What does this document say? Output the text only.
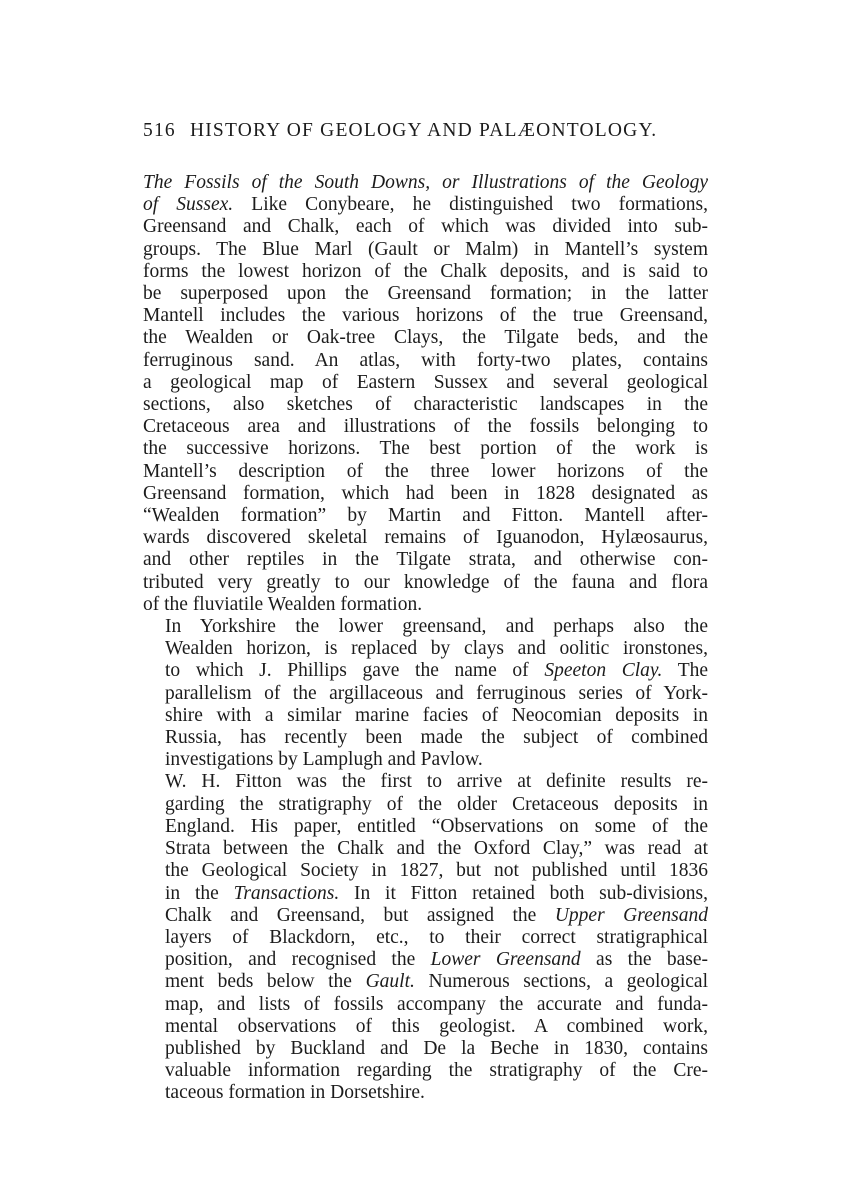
516 HISTORY OF GEOLOGY AND PALÆONTOLOGY.

The Fossils of the South Downs, or Illustrations of the Geology
of Sussex. Like Conybeare, he distinguished two formations,
Greensand and Chalk, each of which was divided into sub-
groups. The Blue Marl (Gault or Malm) in Mantell’s system
forms the lowest horizon of the Chalk deposits, and is said to
be superposed upon the Greensand formation; in the latter
Mantell includes the various horizons of the true Greensand,
the Wealden or Oak-tree Clays, the Tilgate beds, and the
ferruginous sand. An atlas, with forty-two plates, contains
a geological map of Eastern Sussex and several geological
sections, also sketches of characteristic landscapes in the
Cretaceous area and illustrations of the fossils belonging to
the successive horizons. The best portion of the work is
Mantell’s description of the three lower horizons of the
Greensand formation, which had been in 1828 designated as
“Wealden formation” by Martin and Fitton. Mantell after-
wards discovered skeletal remains of Iguanodon, Hylæosaurus,
and other reptiles in the Tilgate strata, and otherwise con-
tributed very greatly to our knowledge of the fauna and flora
of the fluviatile Wealden formation.

In Yorkshire the lower greensand, and perhaps also the
Wealden horizon, is replaced by clays and oolitic ironstones,
to which J. Phillips gave the name of Speeton Clay. The
parallelism of the argillaceous and ferruginous series of York-
shire with a similar marine facies of Neocomian deposits in
Russia, has recently been made the subject of combined
investigations by Lamplugh and Pavlow.

W. H. Fitton was the first to arrive at definite results re-
garding the stratigraphy of the older Cretaceous deposits in
England. His paper, entitled “Observations on some of the
Strata between the Chalk and the Oxford Clay,” was read at
the Geological Society in 1827, but not published until 1836
in the Transactions. In it Fitton retained both sub-divisions,
Chalk and Greensand, but assigned the Upper Greensand
layers of Blackdorn, etc., to their correct stratigraphical
position, and recognised the Lower Greensand as the base-
ment beds below the Gault. Numerous sections, a geological
map, and lists of fossils accompany the accurate and funda-
mental observations of this geologist. A combined work,
published by Buckland and De la Beche in 1830, contains
valuable information regarding the stratigraphy of the Cre-
taceous formation in Dorsetshire.
